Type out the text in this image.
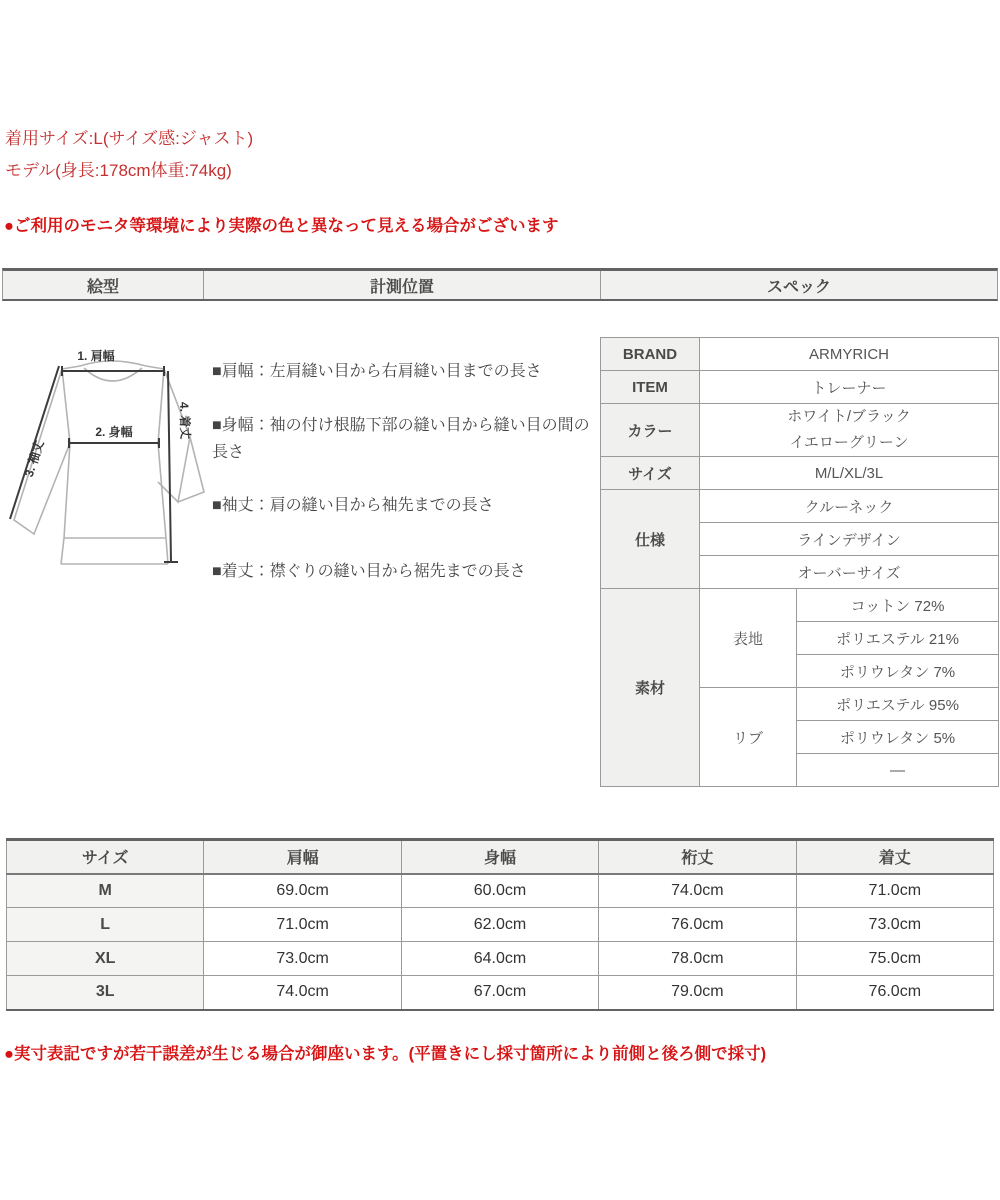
着用サイズ:L(サイズ感:ジャスト)
モデル(身長:178cm体重:74kg)
●ご利用のモニタ等環境により実際の色と異なって見える場合がございます
絵型	計測位置	スペック
1. 肩幅
2. 身幅
3. 袖丈
4. 着丈
■肩幅：左肩縫い目から右肩縫い目までの長さ
■身幅：袖の付け根脇下部の縫い目から縫い目の間の長さ
■袖丈：肩の縫い目から袖先までの長さ
■着丈：襟ぐりの縫い目から裾先までの長さ
BRAND	ARMYRICH	
ITEM	トレーナー	
カラー	ホワイト/ブラック
イエローグリーン	

サイズ	M/L/XL/3L	
仕様	クルーネック	
	ラインデザイン	
	オーバーサイズ	
素材	表地	コットン 72%
		ポリエステル 21%
		ポリウレタン 7%
	リブ	ポリエステル 95%
		ポリウレタン 5%
		—
サイズ	肩幅	身幅	裄丈	着丈
M	69.0cm	60.0cm	74.0cm	71.0cm
L	71.0cm	62.0cm	76.0cm	73.0cm
XL	73.0cm	64.0cm	78.0cm	75.0cm
3L	74.0cm	67.0cm	79.0cm	76.0cm
●実寸表記ですが若干誤差が生じる場合が御座います。(平置きにし採寸箇所により前側と後ろ側で採寸)
